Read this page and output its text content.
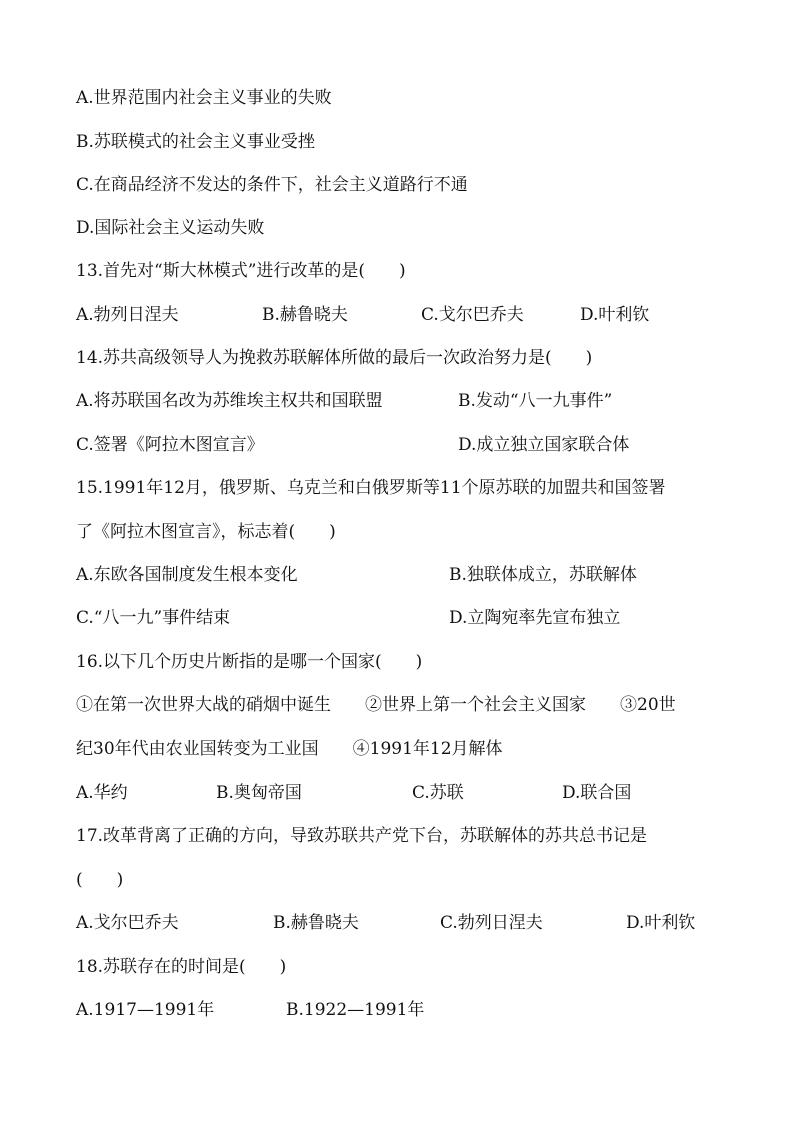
A.世界范围内社会主义事业的失败
B.苏联模式的社会主义事业受挫
C.在商品经济不发达的条件下，社会主义道路行不通
D.国际社会主义运动失败
13.首先对“斯大林模式”进行改革的是(　　)
A.勃列日涅夫	B.赫鲁晓夫	C.戈尔巴乔夫	D.叶利钦
14.苏共高级领导人为挽救苏联解体所做的最后一次政治努力是(　　)
A.将苏联国名改为苏维埃主权共和国联盟	B.发动“八一九事件”
C.签署《阿拉木图宣言》	D.成立独立国家联合体
15.1991年12月，俄罗斯、乌克兰和白俄罗斯等11个原苏联的加盟共和国签署
了《阿拉木图宣言》，标志着(　　)
A.东欧各国制度发生根本变化	B.独联体成立，苏联解体
C.“八一九”事件结束	D.立陶宛率先宣布独立
16.以下几个历史片断指的是哪一个国家(　　)
①在第一次世界大战的硝烟中诞生　　②世界上第一个社会主义国家　　③20世
纪30年代由农业国转变为工业国　　④1991年12月解体
A.华约	B.奥匈帝国	C.苏联	D.联合国
17.改革背离了正确的方向，导致苏联共产党下台，苏联解体的苏共总书记是
(　　)
A.戈尔巴乔夫	B.赫鲁晓夫	C.勃列日涅夫	D.叶利钦
18.苏联存在的时间是(　　)
A.1917—1991年	B.1922—1991年
